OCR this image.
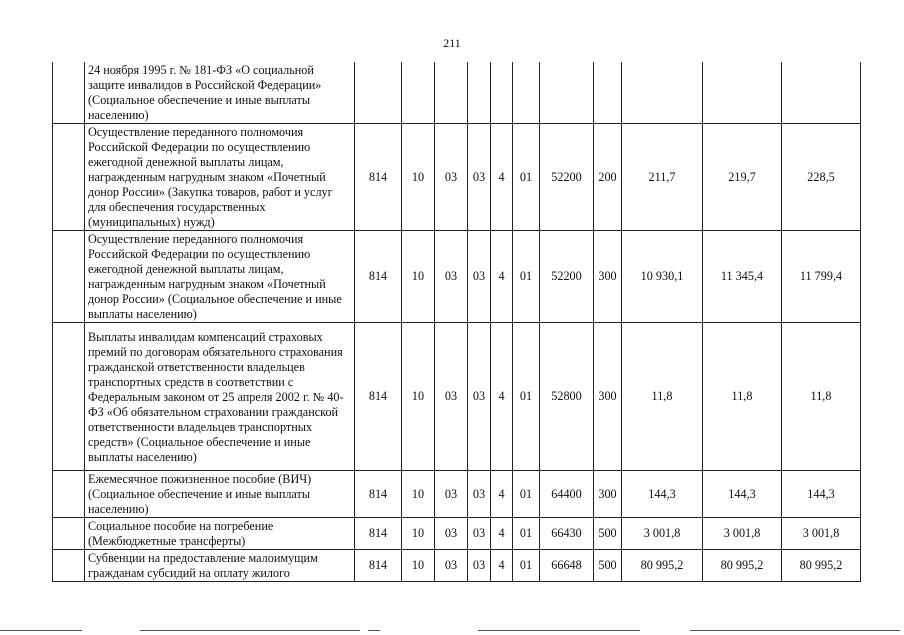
211
	24 ноября 1995 г. № 181-ФЗ «О социальной защите инвалидов в Российской Федерации» (Социальное обеспечение и иные выплаты населению)											
	Осуществление переданного полномочия Российской Федерации по осуществлению ежегодной денежной выплаты лицам, награжденным нагрудным знаком «Почетный донор России» (Закупка товаров, работ и услуг для обеспечения государственных (муниципальных) нужд)	814	10	03	03	4	01	52200	200	211,7	219,7	228,5
	Осуществление переданного полномочия Российской Федерации по осуществлению ежегодной денежной выплаты лицам, награжденным нагрудным знаком «Почетный донор России» (Социальное обеспечение и иные выплаты населению)	814	10	03	03	4	01	52200	300	10 930,1	11 345,4	11 799,4
	Выплаты инвалидам компенсаций страховых премий по договорам обязательного страхования гражданской ответственности владельцев транспортных средств в соответствии с Федеральным законом от 25 апреля 2002 г. № 40-ФЗ «Об обязательном страховании гражданской ответственности владельцев транспортных средств» (Социальное обеспечение и иные выплаты населению)	814	10	03	03	4	01	52800	300	11,8	11,8	11,8
	Ежемесячное пожизненное пособие (ВИЧ) (Социальное обеспечение и иные выплаты населению)	814	10	03	03	4	01	64400	300	144,3	144,3	144,3
	Социальное пособие на погребение (Межбюджетные трансферты)	814	10	03	03	4	01	66430	500	3 001,8	3 001,8	3 001,8
	Субвенции на предоставление малоимущим гражданам субсидий на оплату жилого	814	10	03	03	4	01	66648	500	80 995,2	80 995,2	80 995,2
